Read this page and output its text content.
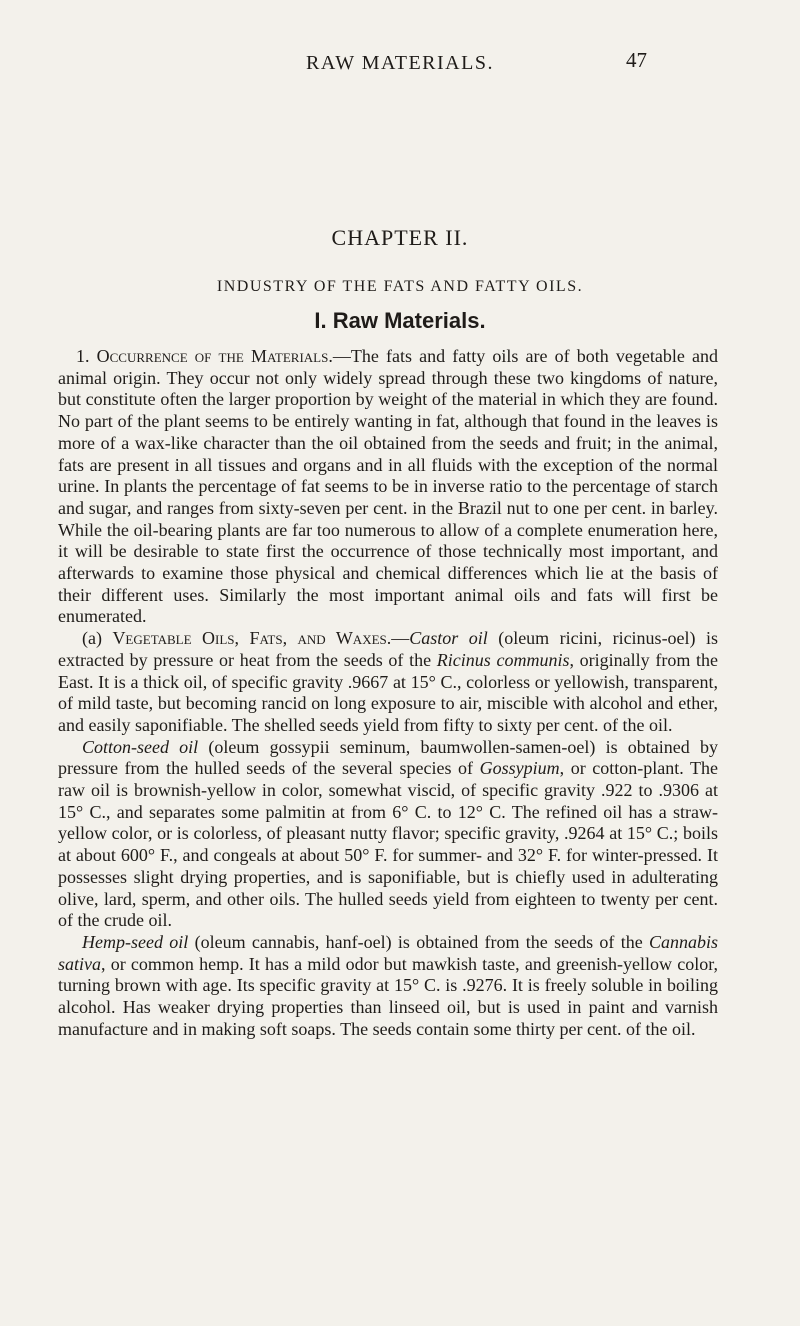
RAW MATERIALS.	47
CHAPTER II.
INDUSTRY OF THE FATS AND FATTY OILS.
I. Raw Materials.

1. Occurrence of the Materials.—The fats and fatty oils are of both vegetable and animal origin. They occur not only widely spread through these two kingdoms of nature, but constitute often the larger proportion by weight of the material in which they are found. No part of the plant seems to be entirely wanting in fat, although that found in the leaves is more of a wax-like character than the oil obtained from the seeds and fruit; in the animal, fats are present in all tissues and organs and in all fluids with the exception of the normal urine. In plants the percentage of fat seems to be in inverse ratio to the percentage of starch and sugar, and ranges from sixty-seven per cent. in the Brazil nut to one per cent. in barley. While the oil-bearing plants are far too numerous to allow of a complete enumeration here, it will be desirable to state first the occurrence of those technically most important, and afterwards to examine those physical and chemical differences which lie at the basis of their different uses. Similarly the most important animal oils and fats will first be enumerated.

(a) Vegetable Oils, Fats, and Waxes.—Castor oil (oleum ricini, ricinus-oel) is extracted by pressure or heat from the seeds of the Ricinus communis, originally from the East. It is a thick oil, of specific gravity .9667 at 15° C., colorless or yellowish, transparent, of mild taste, but becoming rancid on long exposure to air, miscible with alcohol and ether, and easily saponifiable. The shelled seeds yield from fifty to sixty per cent. of the oil.

Cotton-seed oil (oleum gossypii seminum, baumwollen-samen-oel) is obtained by pressure from the hulled seeds of the several species of Gossypium, or cotton-plant. The raw oil is brownish-yellow in color, somewhat viscid, of specific gravity .922 to .9306 at 15° C., and separates some palmitin at from 6° C. to 12° C. The refined oil has a straw-yellow color, or is colorless, of pleasant nutty flavor; specific gravity, .9264 at 15° C.; boils at about 600° F., and congeals at about 50° F. for summer- and 32° F. for winter-pressed. It possesses slight drying properties, and is saponifiable, but is chiefly used in adulterating olive, lard, sperm, and other oils. The hulled seeds yield from eighteen to twenty per cent. of the crude oil.

Hemp-seed oil (oleum cannabis, hanf-oel) is obtained from the seeds of the Cannabis sativa, or common hemp. It has a mild odor but mawkish taste, and greenish-yellow color, turning brown with age. Its specific gravity at 15° C. is .9276. It is freely soluble in boiling alcohol. Has weaker drying properties than linseed oil, but is used in paint and varnish manufacture and in making soft soaps. The seeds contain some thirty per cent. of the oil.
